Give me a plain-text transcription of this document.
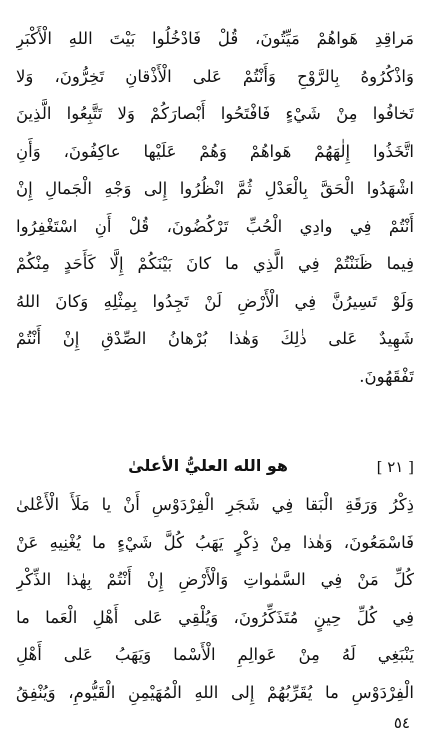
مَراقِدِ هَواهُمْ مَيِّتُونَ، قُلْ فَادْخُلُوا بَيْتَ اللهِ الْأَكْبَرِ
وَاذْكُرُوهُ بِالرَّوْحِ وَأَنْتُمْ عَلى الْأَذْقانِ تَخِرُّونَ، وَلا
تَخافُوا مِنْ شَيْءٍ فَافْتَحُوا أَبْصارَكُمْ وَلا تَتَّبِعُوا الَّذِينَ
اتَّخَذُوا إِلٰهَهُمْ هَواهُمْ وَهُمْ عَلَيْها عاكِفُونَ، وَأَنِ
اشْهَدُوا الْحَقَّ بِالْعَدْلِ ثُمَّ انْظُرُوا إِلى وَجْهِ الْجَمالِ إِنْ
أَنْتُمْ فِي وادِي الْحُبِّ تَرْكُضُونَ، قُلْ أَنِ اسْتَغْفِرُوا
فِيما ظَنَنْتُمْ فِي الَّذِي ما كانَ بَيْنَكُمْ إِلَّا كَأَحَدٍ مِنْكُمْ
وَلَوْ تَسِيرُنَّ فِي الْأَرْضِ لَنْ تَجِدُوا بِمِثْلِهِ وَكانَ اللهُ
شَهِيدٌ عَلى ذٰلِكَ وَهٰذا بُرْهانُ الصِّدْقِ إِنْ أَنْتُمْ
تَفْقَهُونَ.
[ ٢١ ]
هو الله العليُّ الأعلىٰ
ذِكْرُ وَرَقَةِ الْبَقا فِي شَجَرِ الْفِرْدَوْسِ أَنْ يا مَلَأَ الْأَعْلىٰ
فَاسْمَعُونَ، وَهٰذا مِنْ ذِكْرٍ يَهَبُ كُلَّ شَيْءٍ ما يُغْنِيهِ عَنْ
كُلِّ مَنْ فِي السَّمٰواتِ وَالْأَرْضِ إِنْ أَنْتُمْ بِهٰذا الذِّكْرِ
فِي كُلِّ حِينٍ مُتَذَكِّرُونَ، وَيُلْقِي عَلى أَهْلِ الْعَما ما
يَنْبَغِي لَهُ مِنْ عَوالِمِ الْأَسْما وَيَهَبُ عَلى أَهْلِ
الْفِرْدَوْسِ ما يُقَرِّبُهُمْ إِلى اللهِ الْمُهَيْمِنِ الْقَيُّومِ، وَيُنْفِقُ
٥٤
